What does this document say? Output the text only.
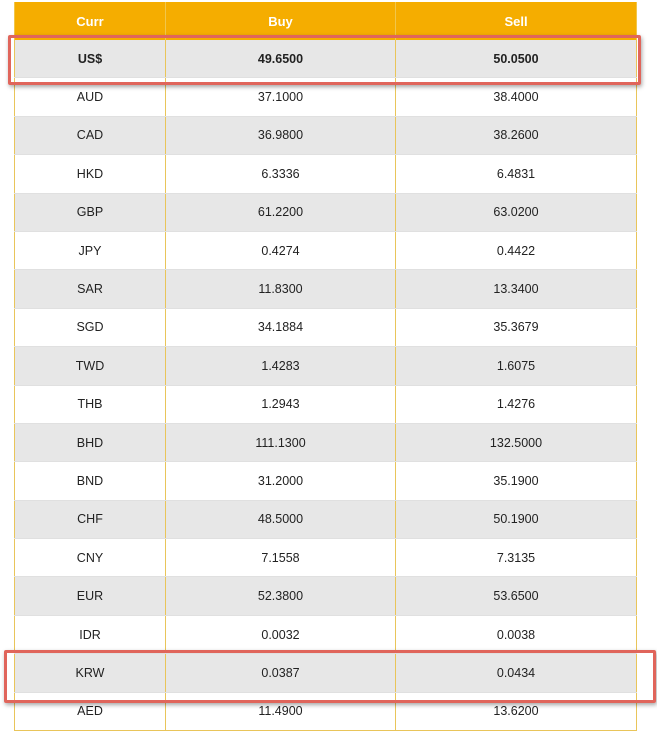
Curr	Buy	Sell
US$	49.6500	50.0500
AUD	37.1000	38.4000
CAD	36.9800	38.2600
HKD	6.3336	6.4831
GBP	61.2200	63.0200
JPY	0.4274	0.4422
SAR	11.8300	13.3400
SGD	34.1884	35.3679
TWD	1.4283	1.6075
THB	1.2943	1.4276
BHD	111.1300	132.5000
BND	31.2000	35.1900
CHF	48.5000	50.1900
CNY	7.1558	7.3135
EUR	52.3800	53.6500
IDR	0.0032	0.0038
KRW	0.0387	0.0434
AED	11.4900	13.6200
